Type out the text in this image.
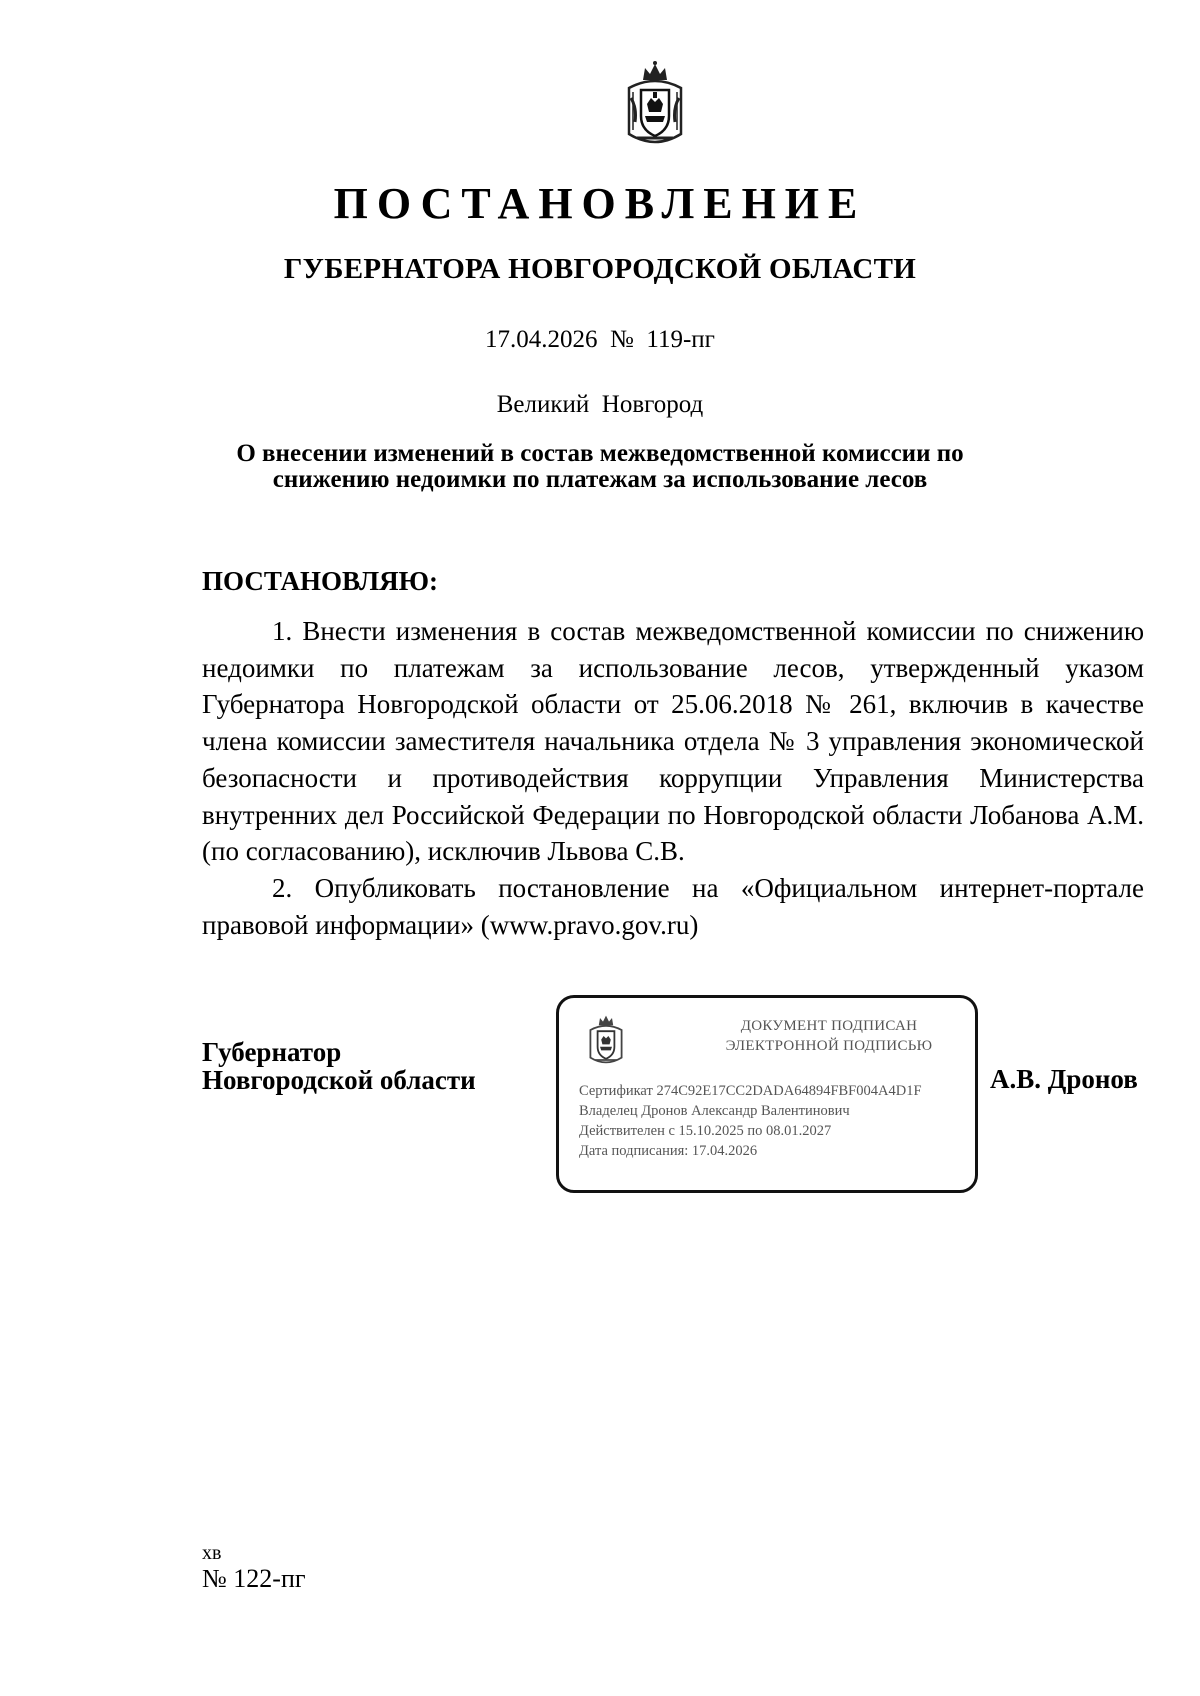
ПОСТАНОВЛЕНИЕ
ГУБЕРНАТОРА НОВГОРОДСКОЙ ОБЛАСТИ
17.04.2026  №  119-пг
Великий  Новгород
О внесении изменений в состав межведомственной комиссии по
снижению недоимки по платежам за использование лесов
ПОСТАНОВЛЯЮ:
1. Внести изменения в состав межведомственной комиссии по снижению недоимки по платежам за использование лесов, утвержденный указом Губернатора Новгородской области от 25.06.2018 № 261, включив в качестве члена комиссии заместителя начальника отдела № 3 управления экономической безопасности и противодействия коррупции Управления Министерства внутренних дел Российской Федерации по Новгородской области Лобанова А.М. (по согласованию), исключив Львова С.В.
2. Опубликовать постановление на «Официальном интернет-портале правовой информации» (www.pravo.gov.ru)
Губернатор
Новгородской области
ДОКУМЕНТ ПОДПИСАН
ЭЛЕКТРОННОЙ ПОДПИСЬЮ
Сертификат 274C92E17CC2DADA64894FBF004A4D1F
Владелец Дронов Александр Валентинович
Действителен с 15.10.2025 по 08.01.2027
Дата подписания: 17.04.2026
А.В. Дронов
хв
№ 122-пг
